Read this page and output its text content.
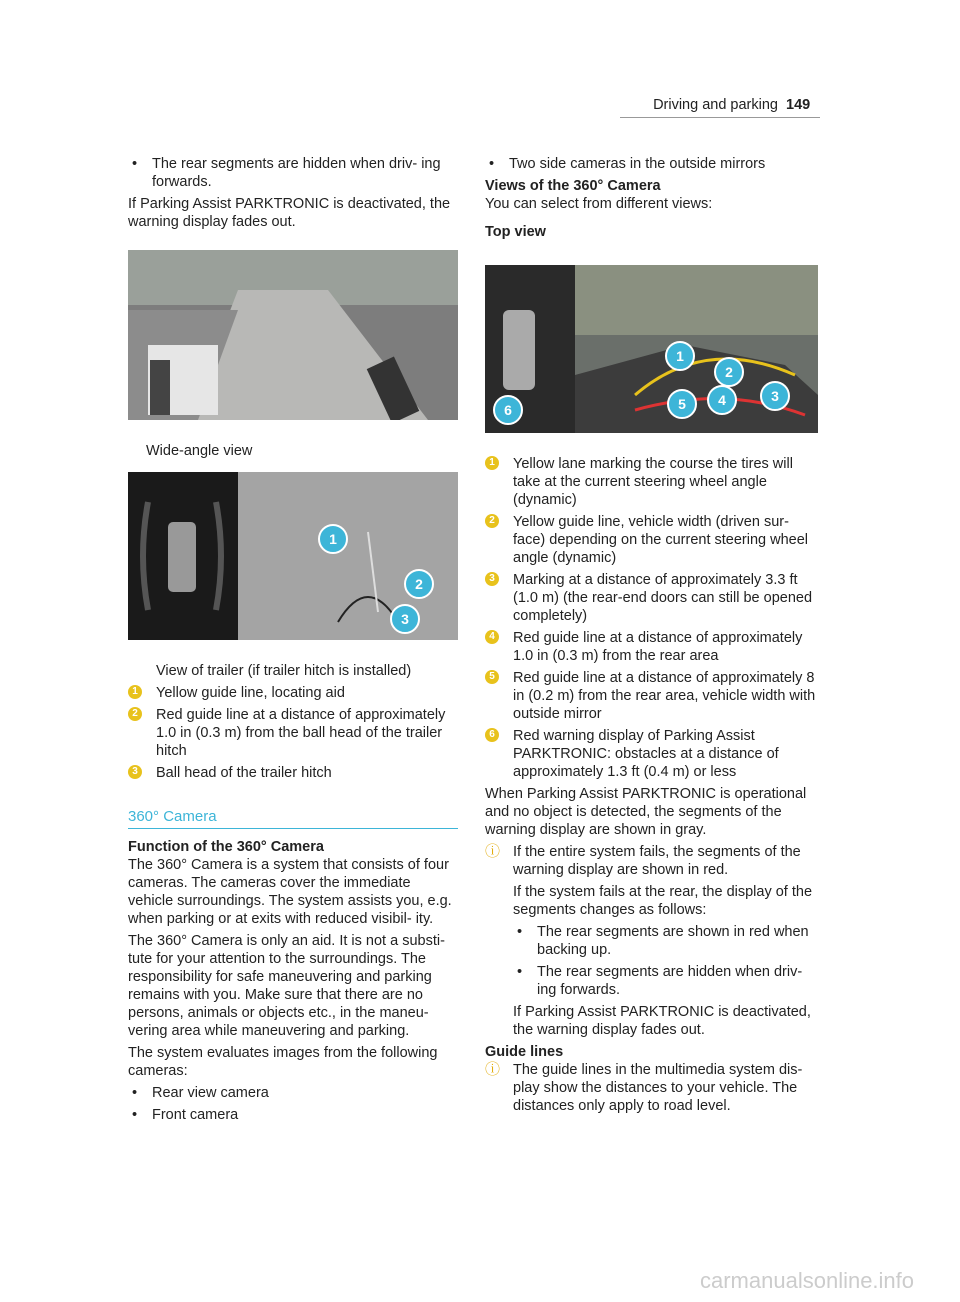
Driving and parking 149
• The rear segments are hidden when driv‐ ing forwards.
If Parking Assist PARKTRONIC is deactivated, the warning display fades out.
Wide-angle view
1
2
3
View of trailer (if trailer hitch is installed)
1 Yellow guide line, locating aid
2 Red guide line at a distance of approximately 1.0 in (0.3 m) from the ball head of the trailer hitch
3 Ball head of the trailer hitch
360° Camera
Function of the 360° Camera
The 360° Camera is a system that consists of four cameras. The cameras cover the immediate vehicle surroundings. The system assists you, e.g. when parking or at exits with reduced visibil‐ ity.
The 360° Camera is only an aid. It is not a substi‐ tute for your attention to the surroundings. The responsibility for safe maneuvering and parking remains with you. Make sure that there are no persons, animals or objects etc., in the maneu‐ vering area while maneuvering and parking.
The system evaluates images from the following cameras:
• Rear view camera
• Front camera
• Two side cameras in the outside mirrors
Views of the 360° Camera
You can select from different views:
Top view
1
2
3
4
5
6
1 Yellow lane marking the course the tires will take at the current steering wheel angle (dynamic)
2 Yellow guide line, vehicle width (driven sur‐ face) depending on the current steering wheel angle (dynamic)
3 Marking at a distance of approximately 3.3 ft (1.0 m) (the rear-end doors can still be opened completely)
4 Red guide line at a distance of approximately 1.0 in (0.3 m) from the rear area
5 Red guide line at a distance of approximately 8 in (0.2 m) from the rear area, vehicle width with outside mirror
6 Red warning display of Parking Assist PARKTRONIC: obstacles at a distance of approximately 1.3 ft (0.4 m) or less
When Parking Assist PARKTRONIC is operational and no object is detected, the segments of the warning display are shown in gray.
ⓘ If the entire system fails, the segments of the warning display are shown in red.
If the system fails at the rear, the display of the segments changes as follows:
• The rear segments are shown in red when backing up.
• The rear segments are hidden when driv‐ ing forwards.
If Parking Assist PARKTRONIC is deactivated, the warning display fades out.
Guide lines
ⓘ The guide lines in the multimedia system dis‐ play show the distances to your vehicle. The distances only apply to road level.
carmanualsonline.info
